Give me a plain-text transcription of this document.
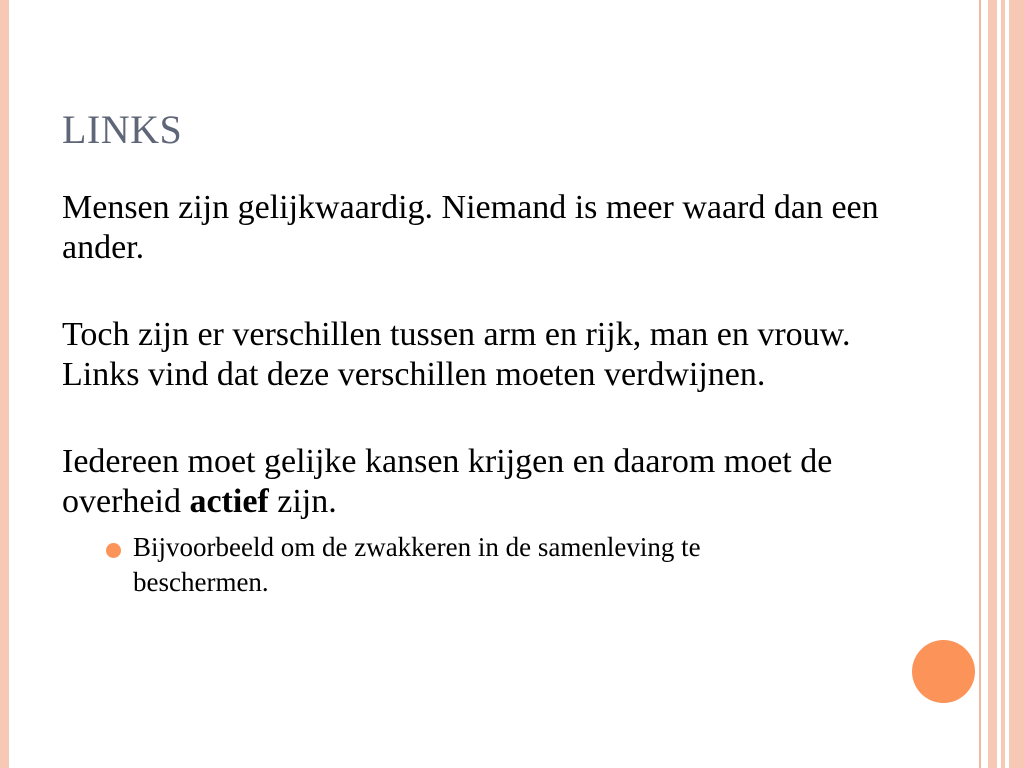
LINKS

Mensen zijn gelijkwaardig. Niemand is meer waard dan een ander.

Toch zijn er verschillen tussen arm en rijk, man en vrouw. Links vind dat deze verschillen moeten verdwijnen.

Iedereen moet gelijke kansen krijgen en daarom moet de overheid actief zijn.

Bijvoorbeeld om de zwakkeren in de samenleving te beschermen.
